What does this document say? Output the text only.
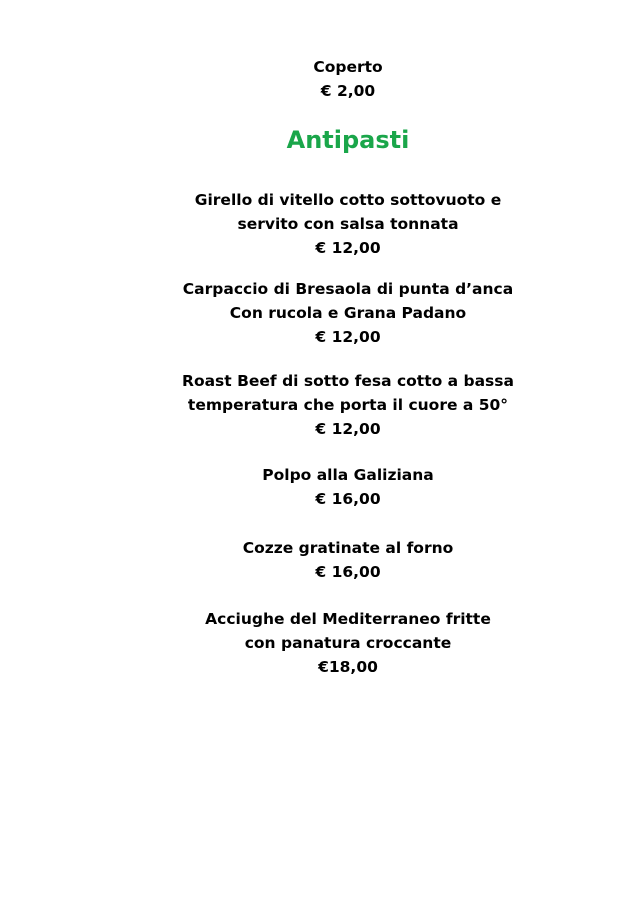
Coperto
€ 2,00
Antipasti
Girello di vitello cotto sottovuoto e
servito con salsa tonnata
€ 12,00
Carpaccio di Bresaola di punta d’anca
Con rucola e Grana Padano
€ 12,00
Roast Beef di sotto fesa cotto a bassa
temperatura che porta il cuore a 50°
€ 12,00
Polpo alla Galiziana
€ 16,00
Cozze gratinate al forno
€ 16,00
Acciughe del Mediterraneo fritte
con panatura croccante
€18,00
